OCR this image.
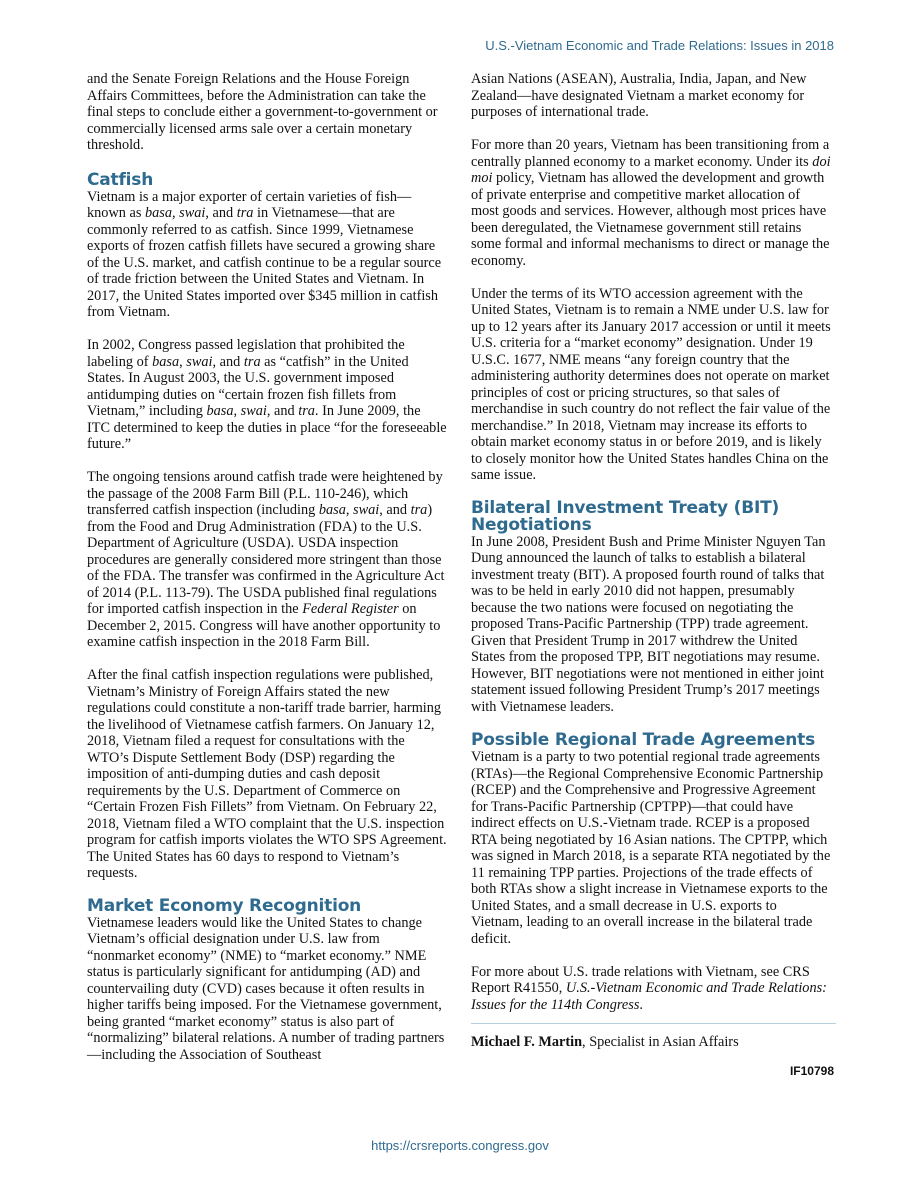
U.S.-Vietnam Economic and Trade Relations: Issues in 2018

and the Senate Foreign Relations and the House Foreign Affairs Committees, before the Administration can take the final steps to conclude either a government-to-government or commercially licensed arms sale over a certain monetary threshold.

Catfish

Vietnam is a major exporter of certain varieties of fish—known as basa, swai, and tra in Vietnamese—that are commonly referred to as catfish. Since 1999, Vietnamese exports of frozen catfish fillets have secured a growing share of the U.S. market, and catfish continue to be a regular source of trade friction between the United States and Vietnam. In 2017, the United States imported over $345 million in catfish from Vietnam.

In 2002, Congress passed legislation that prohibited the labeling of basa, swai, and tra as “catfish” in the United States. In August 2003, the U.S. government imposed antidumping duties on “certain frozen fish fillets from Vietnam,” including basa, swai, and tra. In June 2009, the ITC determined to keep the duties in place “for the foreseeable future.”

The ongoing tensions around catfish trade were heightened by the passage of the 2008 Farm Bill (P.L. 110-246), which transferred catfish inspection (including basa, swai, and tra) from the Food and Drug Administration (FDA) to the U.S. Department of Agriculture (USDA). USDA inspection procedures are generally considered more stringent than those of the FDA. The transfer was confirmed in the Agriculture Act of 2014 (P.L. 113-79). The USDA published final regulations for imported catfish inspection in the Federal Register on December 2, 2015. Congress will have another opportunity to examine catfish inspection in the 2018 Farm Bill.

After the final catfish inspection regulations were published, Vietnam’s Ministry of Foreign Affairs stated the new regulations could constitute a non-tariff trade barrier, harming the livelihood of Vietnamese catfish farmers. On January 12, 2018, Vietnam filed a request for consultations with the WTO’s Dispute Settlement Body (DSP) regarding the imposition of anti-dumping duties and cash deposit requirements by the U.S. Department of Commerce on “Certain Frozen Fish Fillets” from Vietnam. On February 22, 2018, Vietnam filed a WTO complaint that the U.S. inspection program for catfish imports violates the WTO SPS Agreement. The United States has 60 days to respond to Vietnam’s requests.

Market Economy Recognition

Vietnamese leaders would like the United States to change Vietnam’s official designation under U.S. law from “nonmarket economy” (NME) to “market economy.” NME status is particularly significant for antidumping (AD) and countervailing duty (CVD) cases because it often results in higher tariffs being imposed. For the Vietnamese government, being granted “market economy” status is also part of “normalizing” bilateral relations. A number of trading partners—including the Association of Southeast

Asian Nations (ASEAN), Australia, India, Japan, and New Zealand—have designated Vietnam a market economy for purposes of international trade.

For more than 20 years, Vietnam has been transitioning from a centrally planned economy to a market economy. Under its doi moi policy, Vietnam has allowed the development and growth of private enterprise and competitive market allocation of most goods and services. However, although most prices have been deregulated, the Vietnamese government still retains some formal and informal mechanisms to direct or manage the economy.

Under the terms of its WTO accession agreement with the United States, Vietnam is to remain a NME under U.S. law for up to 12 years after its January 2017 accession or until it meets U.S. criteria for a “market economy” designation. Under 19 U.S.C. 1677, NME means “any foreign country that the administering authority determines does not operate on market principles of cost or pricing structures, so that sales of merchandise in such country do not reflect the fair value of the merchandise.” In 2018, Vietnam may increase its efforts to obtain market economy status in or before 2019, and is likely to closely monitor how the United States handles China on the same issue.

Bilateral Investment Treaty (BIT) Negotiations

In June 2008, President Bush and Prime Minister Nguyen Tan Dung announced the launch of talks to establish a bilateral investment treaty (BIT). A proposed fourth round of talks that was to be held in early 2010 did not happen, presumably because the two nations were focused on negotiating the proposed Trans-Pacific Partnership (TPP) trade agreement. Given that President Trump in 2017 withdrew the United States from the proposed TPP, BIT negotiations may resume. However, BIT negotiations were not mentioned in either joint statement issued following President Trump’s 2017 meetings with Vietnamese leaders.

Possible Regional Trade Agreements

Vietnam is a party to two potential regional trade agreements (RTAs)—the Regional Comprehensive Economic Partnership (RCEP) and the Comprehensive and Progressive Agreement for Trans-Pacific Partnership (CPTPP)—that could have indirect effects on U.S.-Vietnam trade. RCEP is a proposed RTA being negotiated by 16 Asian nations. The CPTPP, which was signed in March 2018, is a separate RTA negotiated by the 11 remaining TPP parties. Projections of the trade effects of both RTAs show a slight increase in Vietnamese exports to the United States, and a small decrease in U.S. exports to Vietnam, leading to an overall increase in the bilateral trade deficit.

For more about U.S. trade relations with Vietnam, see CRS Report R41550, U.S.-Vietnam Economic and Trade Relations: Issues for the 114th Congress.

Michael F. Martin, Specialist in Asian Affairs

IF10798
https://crsreports.congress.gov
